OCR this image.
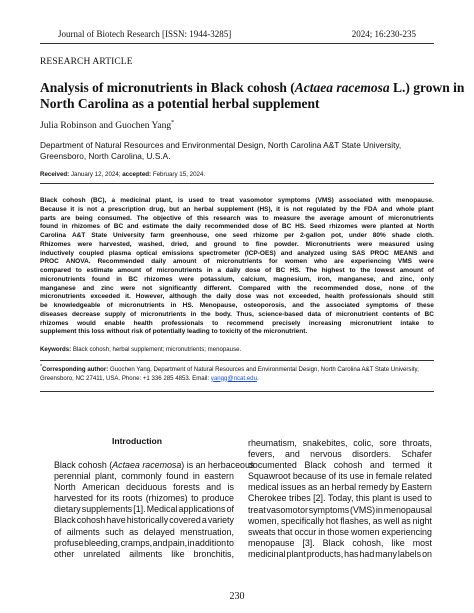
Journal of Biotech Research [ISSN: 1944-3285]	2024; 16:230-235
RESEARCH ARTICLE
Analysis of micronutrients in Black cohosh (Actaea racemosa L.) grown in
North Carolina as a potential herbal supplement
Julia Robinson and Guochen Yang*
Department of Natural Resources and Environmental Design, North Carolina A&T State University,
Greensboro, North Carolina, U.S.A.
Received: January 12, 2024; accepted: February 15, 2024.
Black cohosh (BC), a medicinal plant, is used to treat vasomotor symptoms (VMS) associated with menopause.
Because it is not a prescription drug, but an herbal supplement (HS), it is not regulated by the FDA and whole plant
parts are being consumed. The objective of this research was to measure the average amount of micronutrients
found in rhizomes of BC and estimate the daily recommended dose of BC HS. Seed rhizomes were planted at North
Carolina A&T State University farm greenhouse, one seed rhizome per 2-gallon pot, under 80% shade cloth.
Rhizomes were harvested, washed, dried, and ground to fine powder. Micronutrients were measured using
inductively coupled plasma optical emissions spectrometer (ICP-OES) and analyzed using SAS PROC MEANS and
PROC ANOVA. Recommended daily amount of micronutrients for women who are experiencing VMS were
compared to estimate amount of micronutrients in a daily dose of BC HS. The highest to the lowest amount of
micronutrients found in BC rhizomes were potassium, calcium, magnesium, iron, manganese, and zinc, only
manganese and zinc were not significantly different. Compared with the recommended dose, none of the
micronutrients exceeded it. However, although the daily dose was not exceeded, health professionals should still
be knowledgeable of micronutrients in HS. Menopause, osteoporosis, and the associated symptoms of these
diseases decrease supply of micronutrients in the body. Thus, science-based data of micronutrient contents of BC
rhizomes would enable health professionals to recommend precisely increasing micronutrient intake to
supplement this loss without risk of potentially leading to toxicity of the micronutrient.
Keywords: Black cohosh; herbal supplement; micronutrients; menopause.
*Corresponding author: Guochen Yang, Department of Natural Resources and Environmental Design, North Carolina A&T State University,
Greensboro, NC 27411, USA. Phone: +1 336 285 4853. Email: yangg@ncat.edu.
Introduction
Black cohosh (Actaea racemosa) is an herbaceous
perennial plant, commonly found in eastern
North American deciduous forests and is
harvested for its roots (rhizomes) to produce
dietary supplements [1]. Medical applications of
Black cohosh have historically covered a variety
of ailments such as delayed menstruation,
profuse bleeding, cramps, and pain, in addition to
other unrelated ailments like bronchitis,
rheumatism, snakebites, colic, sore throats,
fevers, and nervous disorders. Schafer
documented Black cohosh and termed it
Squawroot because of its use in female related
medical issues as an herbal remedy by Eastern
Cherokee tribes [2]. Today, this plant is used to
treat vasomotor symptoms (VMS) in menopausal
women, specifically hot flashes, as well as night
sweats that occur in those women experiencing
menopause [3]. Black cohosh, like most
medicinal plant products, has had many labels on
230
